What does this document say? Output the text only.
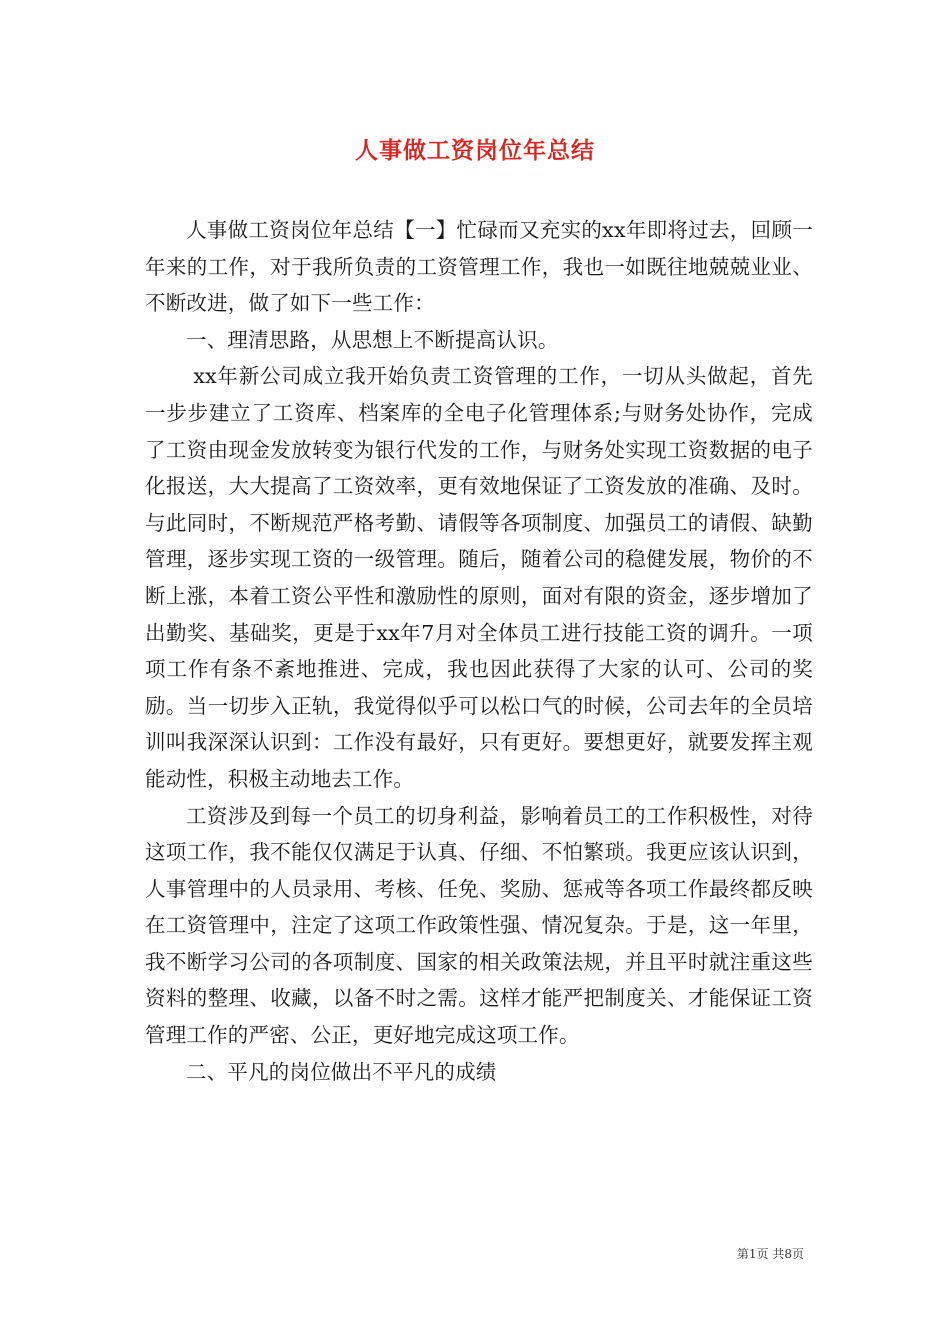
人事做工资岗位年总结

人事做工资岗位年总结【一】忙碌而又充实的xx年即将过去，回顾一年来的工作，对于我所负责的工资管理工作，我也一如既往地兢兢业业、不断改进，做了如下一些工作：

一、理清思路，从思想上不断提高认识。

xx年新公司成立我开始负责工资管理的工作，一切从头做起，首先一步步建立了工资库、档案库的全电子化管理体系;与财务处协作，完成了工资由现金发放转变为银行代发的工作，与财务处实现工资数据的电子化报送，大大提高了工资效率，更有效地保证了工资发放的准确、及时。与此同时，不断规范严格考勤、请假等各项制度、加强员工的请假、缺勤管理，逐步实现工资的一级管理。随后，随着公司的稳健发展，物价的不断上涨，本着工资公平性和激励性的原则，面对有限的资金，逐步增加了出勤奖、基础奖，更是于xx年7月对全体员工进行技能工资的调升。一项项工作有条不紊地推进、完成，我也因此获得了大家的认可、公司的奖励。当一切步入正轨，我觉得似乎可以松口气的时候，公司去年的全员培训叫我深深认识到：工作没有最好，只有更好。要想更好，就要发挥主观能动性，积极主动地去工作。

工资涉及到每一个员工的切身利益，影响着员工的工作积极性，对待这项工作，我不能仅仅满足于认真、仔细、不怕繁琐。我更应该认识到，人事管理中的人员录用、考核、任免、奖励、惩戒等各项工作最终都反映在工资管理中，注定了这项工作政策性强、情况复杂。于是，这一年里，我不断学习公司的各项制度、国家的相关政策法规，并且平时就注重这些资料的整理、收藏，以备不时之需。这样才能严把制度关、才能保证工资管理工作的严密、公正，更好地完成这项工作。

二、平凡的岗位做出不平凡的成绩

第1页 共8页
